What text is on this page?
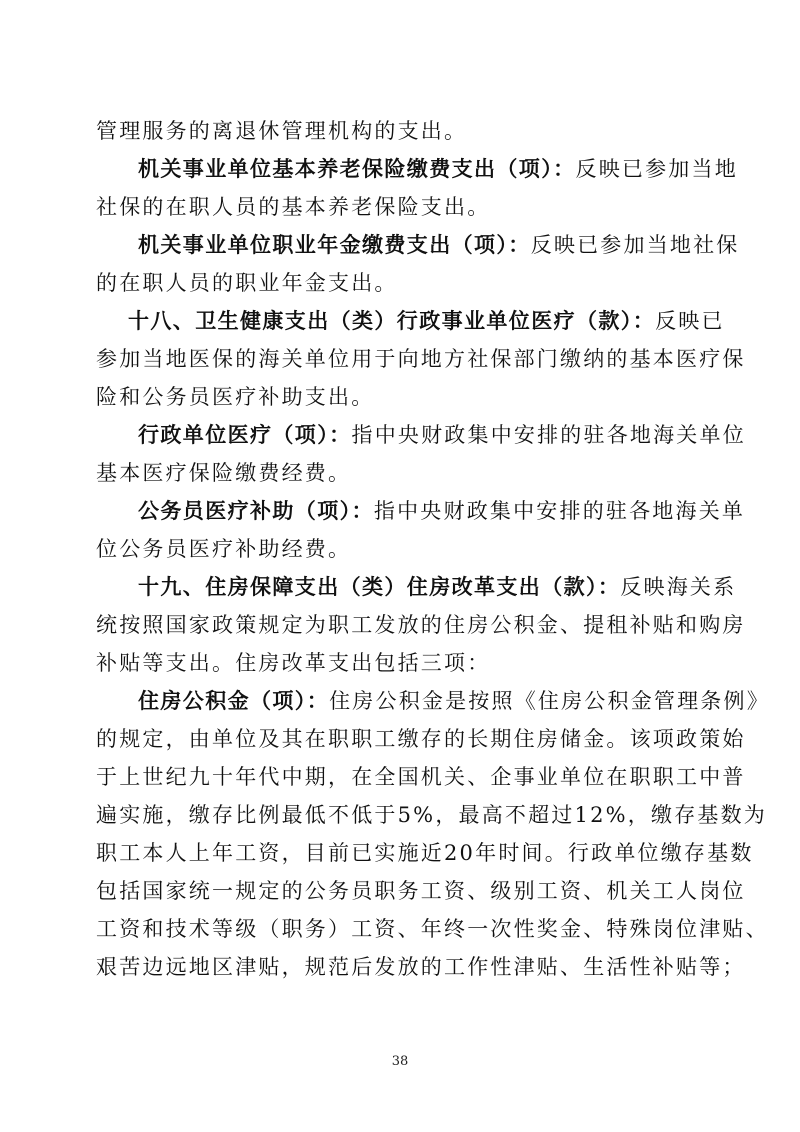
管理服务的离退休管理机构的支出。
机关事业单位基本养老保险缴费支出（项）：反映已参加当地
社保的在职人员的基本养老保险支出。
机关事业单位职业年金缴费支出（项）：反映已参加当地社保
的在职人员的职业年金支出。
十八、卫生健康支出（类）行政事业单位医疗（款）：反映已
参加当地医保的海关单位用于向地方社保部门缴纳的基本医疗保
险和公务员医疗补助支出。
行政单位医疗（项）：指中央财政集中安排的驻各地海关单位
基本医疗保险缴费经费。
公务员医疗补助（项）：指中央财政集中安排的驻各地海关单
位公务员医疗补助经费。
十九、住房保障支出（类）住房改革支出（款）：反映海关系
统按照国家政策规定为职工发放的住房公积金、提租补贴和购房
补贴等支出。住房改革支出包括三项：
住房公积金（项）：住房公积金是按照《住房公积金管理条例》
的规定，由单位及其在职职工缴存的长期住房储金。该项政策始
于上世纪九十年代中期，在全国机关、企事业单位在职职工中普
遍实施，缴存比例最低不低于5%，最高不超过12%，缴存基数为
职工本人上年工资，目前已实施近20年时间。行政单位缴存基数
包括国家统一规定的公务员职务工资、级别工资、机关工人岗位
工资和技术等级（职务）工资、年终一次性奖金、特殊岗位津贴、
艰苦边远地区津贴，规范后发放的工作性津贴、生活性补贴等；
38
